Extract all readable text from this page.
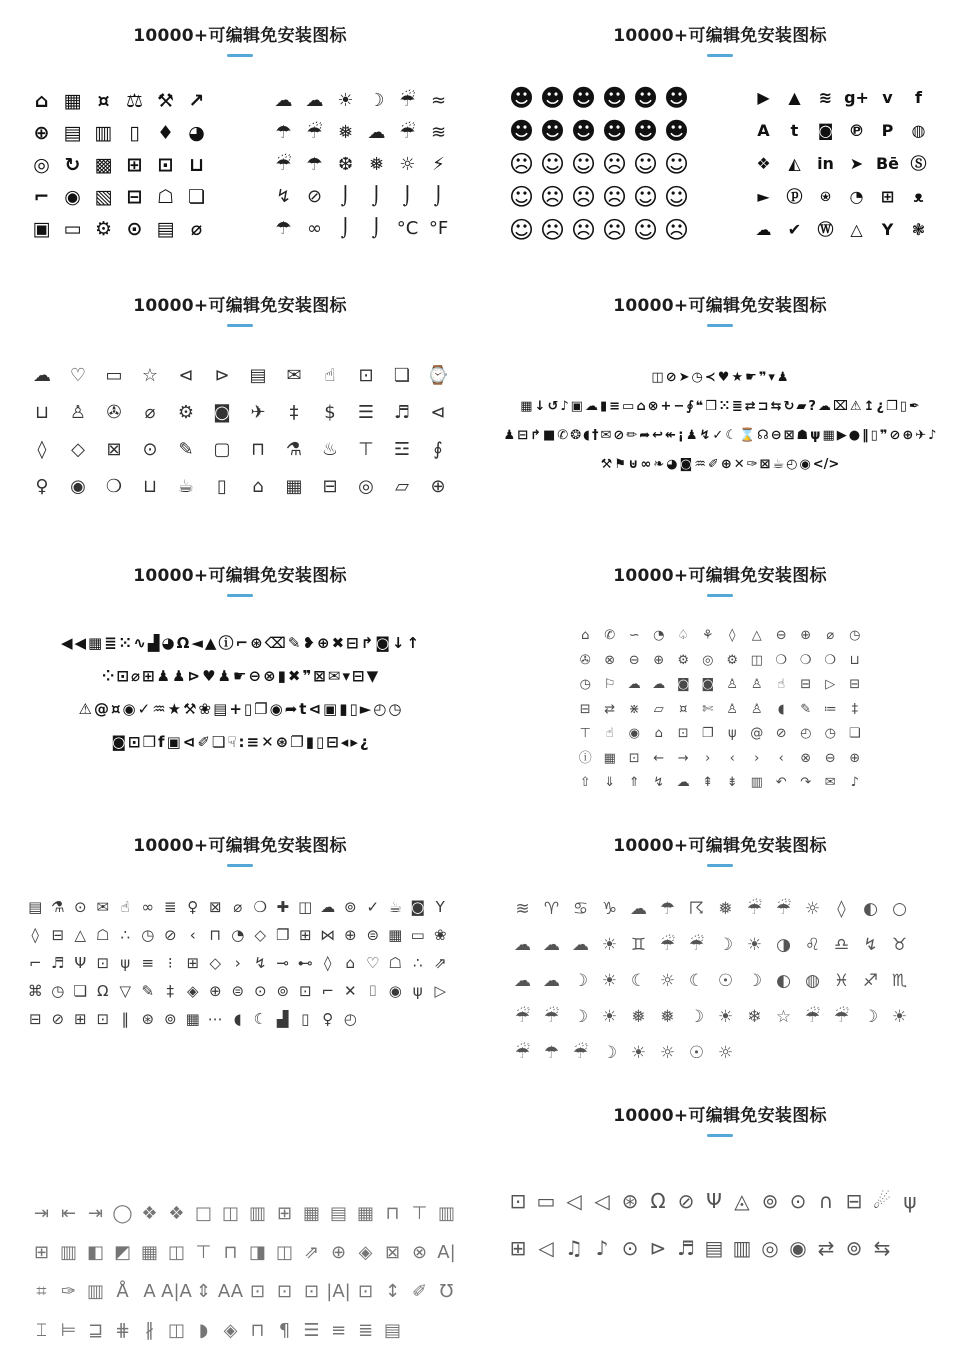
10000+可编辑免安装图标
⌂ ▦ ¤ ⚖ ⚒ ↗
⊕ ▤ ▥ ▯ ♦ ◕
◎ ↻ ▩ ⊞ ⊡ ⊔
⌐ ◉ ▧ ⊟ ☖ ❏
▣ ▭ ⚙ ⊙ ▤ ⌀
☁ ☁ ☀ ☽ ☔ ≈
☂ ☔ ❅ ☁ ☔ ≋
☔ ☂ ❆ ❅ ☼ ⚡
↯ ⊘	⌡	⌡	⌡	⌡
☂ ∞	⌡	⌡ °C °F
10000+可编辑免安装图标
☻ ☻ ☻ ☻ ☻ ☻
☻ ☻ ☻ ☻ ☻ ☻
☹ ☺ ☺ ☹ ☺ ☺
☺ ☹ ☹ ☹ ☺ ☺
☺ ☹ ☹ ☹ ☺ ☹
▶	▲	≋ g+ v	f
A	t	◙ ℗	P	◍
❖	◭	in ➤ Bē Ⓢ
►	ⓟ	⍟	◔	⊞	ᴥ
☁	✔	Ⓦ	△	Y	❃
10000+可编辑免安装图标
☁	♡	▭	☆	⊲	⊳	▤	✉	☝	⊡	❏ ⌚
⊔	♙	✇	⌀	⚙	◙	✈	‡	$	☰	♬	⊲
◊	◇	⊠	⊙	✎	▢	⊓	⚗	♨	⊤	☲	∮
♀	◉	❍	⊔	☕	▯	⌂	▦	⊟	◎	▱	⊕
10000+可编辑免安装图标
◫ ⊘ ➤ ◷ ≺ ♥ ★ ☛ ❞ ▾ ♟
▦ ↓ ↺ ♪ ▣ ☁ ▮ ≡ ▭ ⌂ ⊗ + − ∮ ❝ ❒ ⁙ ≣ ⇄ ⊐ ⇆ ↻ ▰ ? ☁ ⌧ ⚠ ↥ ¿ ❐ ▯ ✒
♟ ⊟ ↱ ■ ✆ ❂ ◖ † ✉ ⊘ ✏ ➦ ↩ ↞ ¡ ♟ ↯ ✓ ☾ ⌛ ☊ ⊖ ⊠ ☗ ψ ▦ ▶ ● ‖ ▯ ❞ ⊘ ⊕ ✈ ♪
⚒ ⚑ ⊎ ∞ ❧ ◕ ◙ ♒ ✐ ⊕ ✕ ✑ ⊠ ☕ ◴ ◉ </>
10000+可编辑免安装图标
◀ ◀ ▦ ≣ ⁙ ∿ ▟ ◕ Ω ◄ ▲ ⓘ ⌐ ⊛ ⌫ ✎ ❥ ⊕ ✖ ⊟ ↱ ◙ ↓ ↑
⁘ ⊡ ⌀ ⊞ ♟ ♟ ⊳ ♥ ♟ ☛ ⊖ ⊗ ▮ ✖ ❞ ⊠ ✉ ▾ ⊟ ▼
⚠ @ ¤ ◉ ✓ ♒ ★ ⚒ ❀ ▤ + ▯ ❐ ◉ ➦ t ⊲ ▣ ▮ ▯ ► ◴ ◷
◙ ⊡ ❒ f ▣ ⊲ ✐ ❏ ☟ : ≡ ✕ ⊛ ❐ ▮ ▯ ⊟ ◂ ▸ ¿
10000+可编辑免安装图标
⌂	✆	∽	◔	♤ ⚘	◊	△	⊖	⊕	⌀	◷
✇	⊗	⊖	⊕	⚙	◎	⚙ ◫ ❍ ❍ ❍	⊔
◷	⚐ ☁ ☁ ◙ ◙ ♙ ♙	☝	⊟	▷	⊟
⊟	⇄	⋇	▱	¤	✄	♙ ♙	◖	✎ ≔	‡
⊤	☝	◉	⌂	⊡	❐	ψ	@ ⊘	◴	◷	❏
ⓘ ▦ ⊡	←	→	›	‹	›	‹	⊗	⊖	⊕
⇧	⇓	⇑	↯ ☁ ⇞	⇟ ▥ ↶	↷	✉	♪
10000+可编辑免安装图标
▤ ⚗ ⊙ ✉ ☝ ∞ ≣ ♀ ⊠ ⌀ ❍ ✚ ◫ ☁ ⊚ ✓ ☕ ◙ Y
◊ ⊟ △ ☖ ∴ ◷ ⊘ ‹ ⊓ ◔ ◇ ❐ ⊞ ⋈ ⊕ ⊜ ▦ ▭ ❀
⌐ ♬ Ψ ⊡ ψ ≡ ⁝ ⊞ ◇ › ↯ ⊸ ⊷ ◊ ⌂ ♡ ☖ ∴ ⇗
⌘ ◷ ❏ Ω ▽ ✎ ‡ ◈ ⊕ ⊜ ⊙ ⊚ ⊡ ⌐ ✕ ⌷ ◉ ψ ▷
⊟ ⊘ ⊞ ⊡ ‖ ⊛ ⊚ ▦ ⋯ ◖ ☾ ▟ ▯ ♀ ◴
10000+可编辑免安装图标
≋ ♈ ♋ ♑ ☁ ☂ ☈ ❅ ☔ ☔ ☼	◊	◐ ○
☁ ☁ ☁ ☀ ♊ ☔ ☔ ☽ ☀ ◑ ♌ ♎ ↯ ♉
☁ ☁ ☽ ☀ ☾ ☼ ☾ ☉ ☽ ◐ ◍ ♓ ♐ ♏
☔ ☔ ☽ ☀ ❅ ❅ ☽ ☀ ❄ ☆ ☔ ☔ ☽ ☀
☔ ☂ ☔ ☽ ☀ ☼ ☉ ☼
⇥ ⇤ ⇥ ◯ ❖ ❖ □ ◫ ▥ ⊞ ▦ ▤ ▦ ⊓ ⊤ ▥
⊞ ▥ ◧ ◩ ▦ ◫ ⊤ ⊓ ◨ ◫ ⇗ ⊕ ◈ ⊠ ⊗ A|
⌗ ✑ ▥ Å A A|A ⇕ AA ⊡ ⊡ ⊡ |A| ⊡ ↕ ✐ Ʊ
⌶ ⊨ ⊒ ⋕ ∦ ◫ ◗ ◈ ⊓ ¶ ☰ ≡ ≣ ▤
10000+可编辑免安装图标
⊡ ▭ ◁ ◁ ⊛ Ω ⊘ Ψ ◬ ⊚ ⊙ ∩ ⊟ ☄ ψ
⊞ ◁ ♫ ♪ ⊙ ⊳ ♬ ▤ ▥ ◎ ◉ ⇄ ⊚ ⇆
